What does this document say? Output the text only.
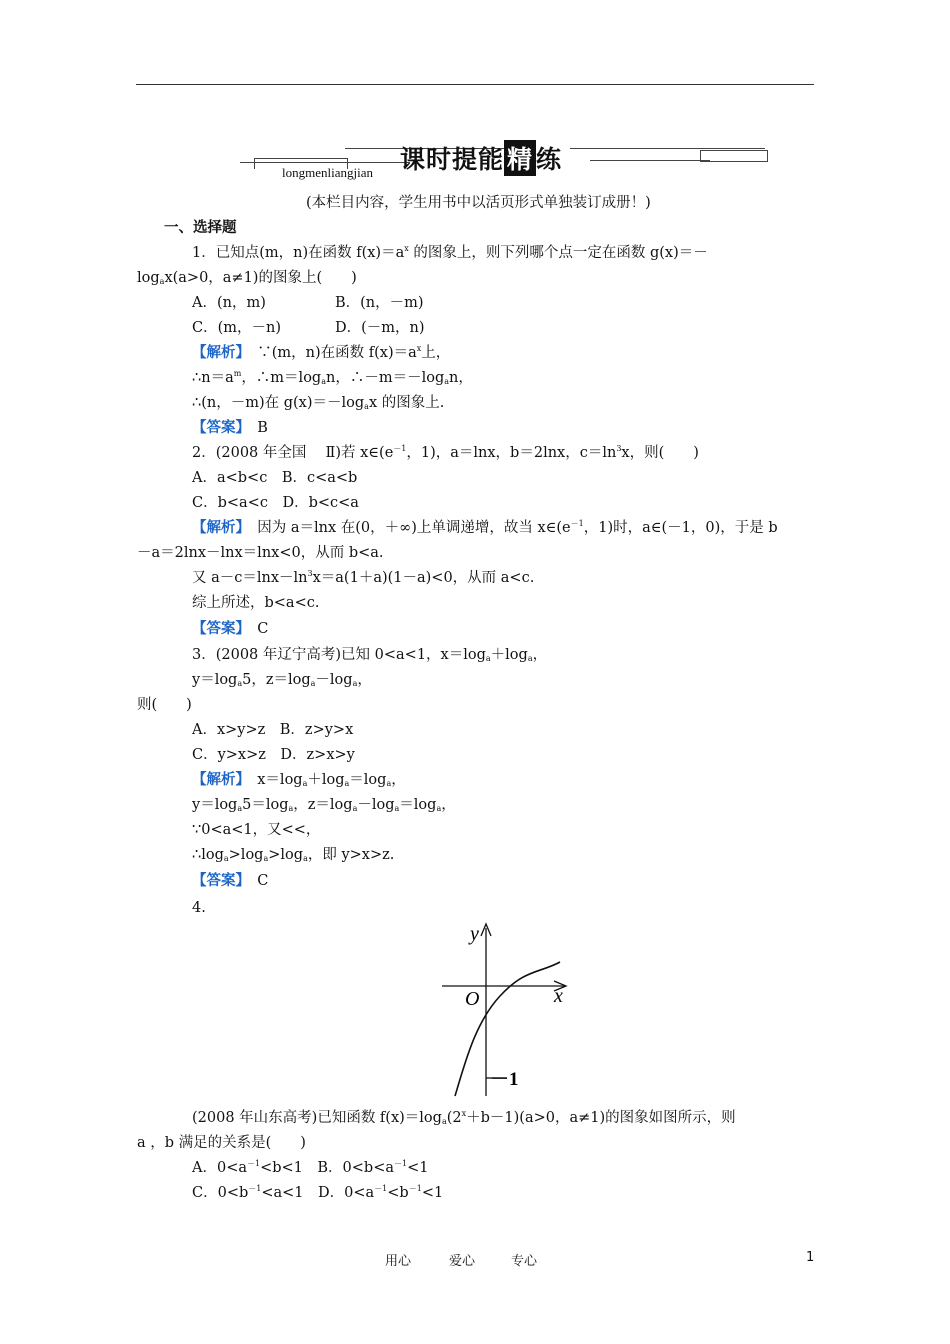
课时提能 精 练
longmenliangjian
(本栏目内容，学生用书中以活页形式单独装订成册！)
一、选择题
1．已知点(m，n)在函数 $f(x)=a^x$ 的图象上，则下列哪个点一定在函数 g(x)＝－
$\log_ax(a>0$，a≠1)的图象上(　　)
A．(n，m)	B．(n，－m)
C．(m，－n)	D．(－m，n)
【解析】　 ∵(m，n)在函数 $f(x)=a^x$上，
$\therefore n=a^m$，$\therefore m=\log_an$，$\therefore-m=-\log_an$，
∴(n，－m)在 $g(x)=-\log_ax$ 的图象上.
【答案】　 B
2．(2008 年全国　 Ⅱ)若 $x\in(e^{-1}$，1)，a＝lnx，b＝2lnx，$c=\ln^3x$，则(　　)
A．a<b<c　B．c<a<b
C．b<a<c　D．b<c<a
【解析】　 因为 a＝lnx 在(0，＋∞)上单调递增，故当 $x\in(e^{-1}$，1)时，a∈(－1，0)，于是 b
－a＝2lnx－lnx＝lnx<0，从而 b<a.
又 $a-c=\ln x-\ln^3x=a(1+a)(1-a)<0$，从而 a<c.
综上所述，b<a<c.
【答案】　 C
3．(2008 年辽宁高考)已知 0<a<1，$x=\log_a+\log_a$，
$y=\log_a5$，$z=\log_a-\log_a$，
则(　　)
A．x>y>z　B．z>y>x
C．y>x>z　D．z>x>y
【解析】　 $x=\log_a+\log_a=\log_a$，
$y=\log_a5=\log_a$，$z=\log_a-\log_a=\log_a$，
∵0<a<1，又<<，
$\therefore\log_a>\log_a>\log_a$，即 y>x>z.
【答案】　 C
4.
y
x
O
－1
(2008 年山东高考)已知函数 $f(x)=\log_a(2^x+b-1)(a>0$，a≠1)的图象如图所示，则
a ，b 满足的关系是(　　)
A．$0<a^{-1}<b<1$　B．$0<b<a^{-1}<1$
C．$0<b^{-1}<a<1$　D．$0<a^{-1}<b^{-1}<1$
用心	爱心	专心	1
